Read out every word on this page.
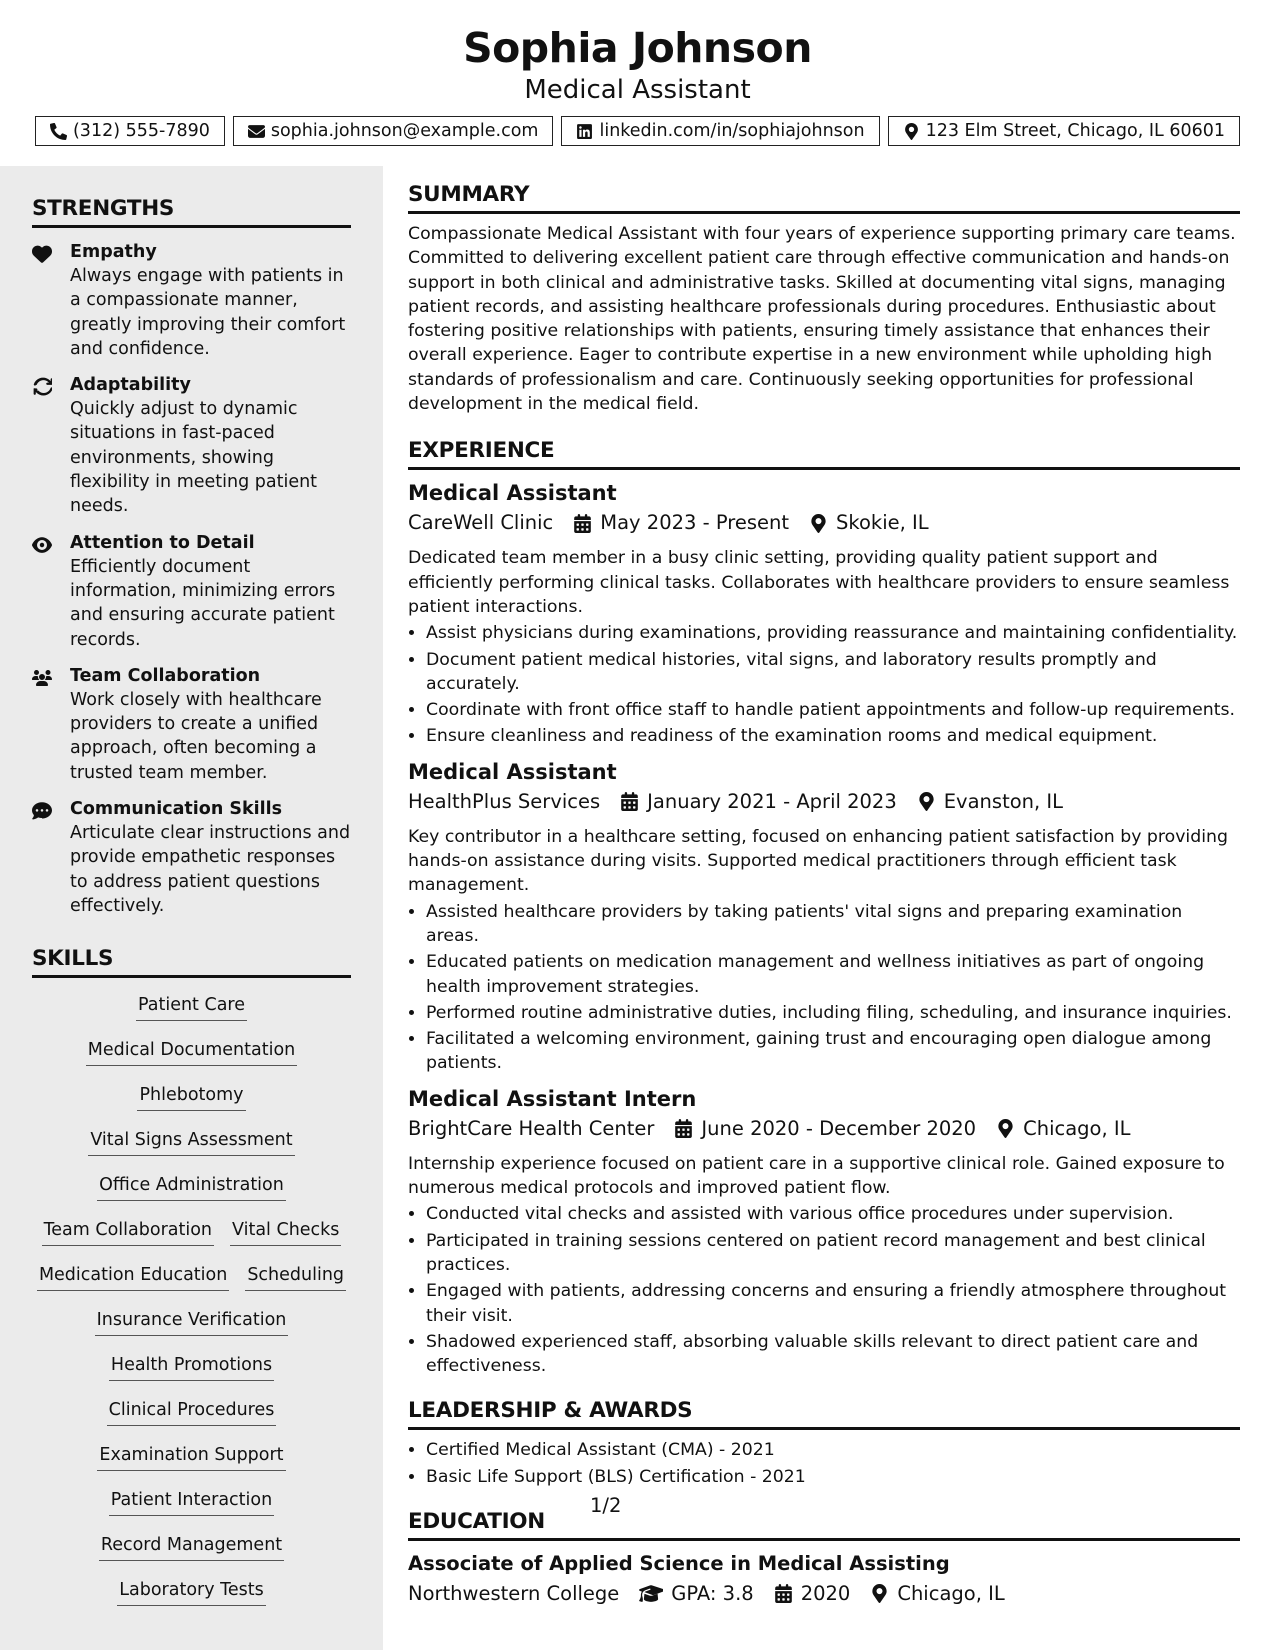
Sophia Johnson
Medical Assistant
(312) 555-7890	sophia.johnson@example.com	linkedin.com/in/sophiajohnson	123 Elm Street, Chicago, IL 60601
STRENGTHS
Empathy
Always engage with patients in a compassionate manner, greatly improving their comfort and confidence.
Adaptability
Quickly adjust to dynamic situations in fast-paced environments, showing flexibility in meeting patient needs.
Attention to Detail
Efficiently document information, minimizing errors and ensuring accurate patient records.
Team Collaboration
Work closely with healthcare providers to create a unified approach, often becoming a trusted team member.
Communication Skills
Articulate clear instructions and provide empathetic responses to address patient questions effectively.
SKILLS
Patient Care
Medical Documentation
Phlebotomy
Vital Signs Assessment
Office Administration
Team Collaboration Vital Checks
Medication Education Scheduling
Insurance Verification
Health Promotions
Clinical Procedures
Examination Support
Patient Interaction
Record Management
Laboratory Tests
SUMMARY
Compassionate Medical Assistant with four years of experience supporting primary care teams. Committed to delivering excellent patient care through effective communication and hands-on support in both clinical and administrative tasks. Skilled at documenting vital signs, managing patient records, and assisting healthcare professionals during procedures. Enthusiastic about fostering positive relationships with patients, ensuring timely assistance that enhances their overall experience. Eager to contribute expertise in a new environment while upholding high standards of professionalism and care. Continuously seeking opportunities for professional development in the medical field.
EXPERIENCE
Medical Assistant
CareWell Clinic May 2023 - Present Skokie, IL
Dedicated team member in a busy clinic setting, providing quality patient support and efficiently performing clinical tasks. Collaborates with healthcare providers to ensure seamless patient interactions.
• Assist physicians during examinations, providing reassurance and maintaining confidentiality.
• Document patient medical histories, vital signs, and laboratory results promptly and accurately.
• Coordinate with front office staff to handle patient appointments and follow-up requirements.
• Ensure cleanliness and readiness of the examination rooms and medical equipment.
Medical Assistant
HealthPlus Services January 2021 - April 2023 Evanston, IL
Key contributor in a healthcare setting, focused on enhancing patient satisfaction by providing hands-on assistance during visits. Supported medical practitioners through efficient task management.
• Assisted healthcare providers by taking patients' vital signs and preparing examination areas.
• Educated patients on medication management and wellness initiatives as part of ongoing health improvement strategies.
• Performed routine administrative duties, including filing, scheduling, and insurance inquiries.
• Facilitated a welcoming environment, gaining trust and encouraging open dialogue among patients.
Medical Assistant Intern
BrightCare Health Center June 2020 - December 2020 Chicago, IL
Internship experience focused on patient care in a supportive clinical role. Gained exposure to numerous medical protocols and improved patient flow.
• Conducted vital checks and assisted with various office procedures under supervision.
• Participated in training sessions centered on patient record management and best clinical practices.
• Engaged with patients, addressing concerns and ensuring a friendly atmosphere throughout their visit.
• Shadowed experienced staff, absorbing valuable skills relevant to direct patient care and effectiveness.
LEADERSHIP & AWARDS
• Certified Medical Assistant (CMA) - 2021
• Basic Life Support (BLS) Certification - 2021
EDUCATION
Associate of Applied Science in Medical Assisting
Northwestern College	GPA: 3.8 2020 Chicago, IL
1/2
